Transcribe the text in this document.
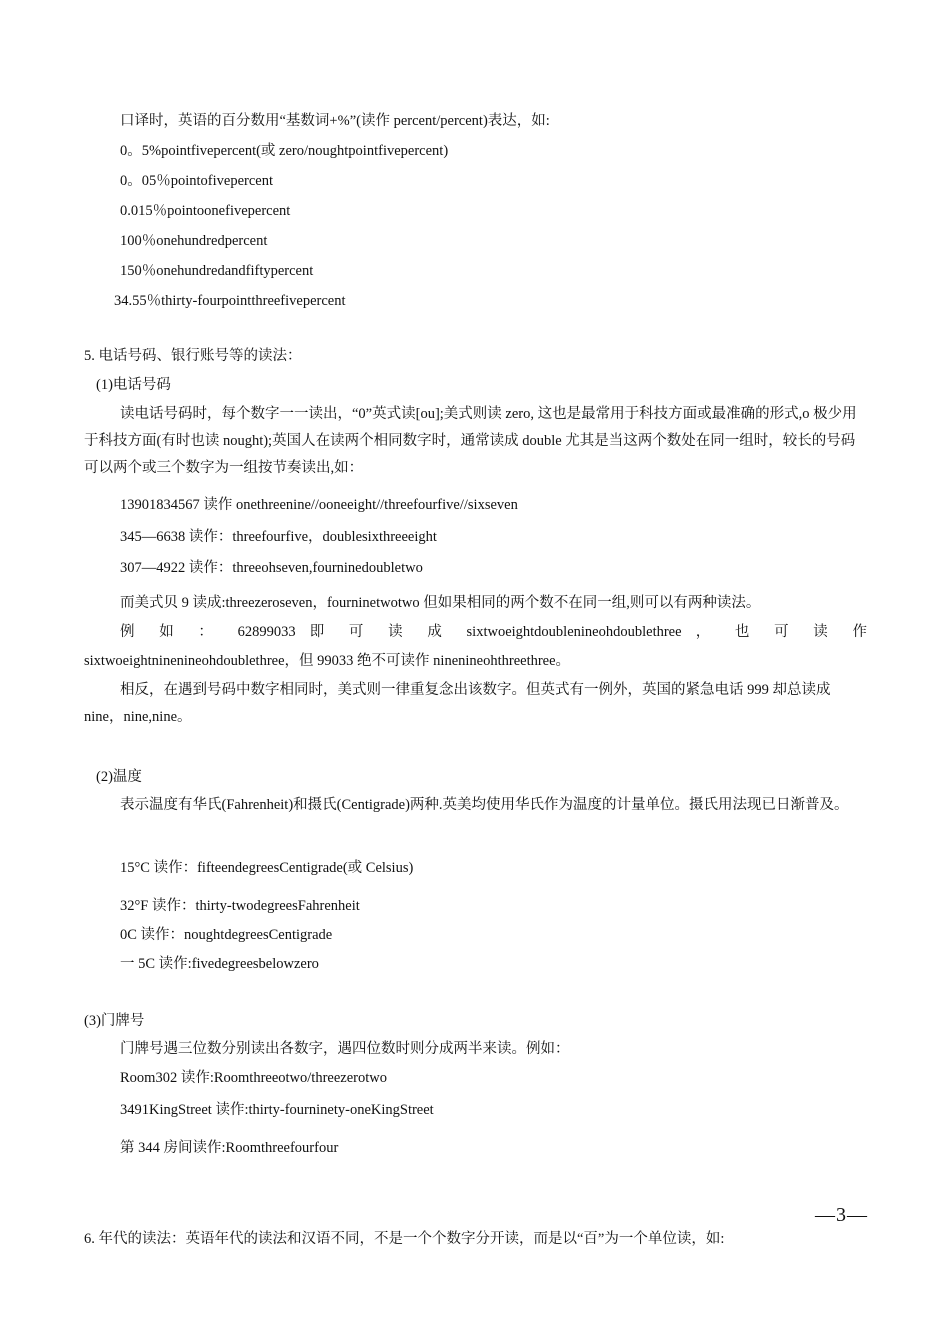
口译时，英语的百分数用“基数词+%”(读作 percent/percent)表达，如:
0。5%pointfivepercent(或 zero/noughtpointfivepercent)
0。05％pointofivepercent
0.015％pointoonefivepercent
100％onehundredpercent
150％onehundredandfiftypercent
34.55％thirty-fourpointthreefivepercent
5. 电话号码、银行账号等的读法：
(1)电话号码
读电话号码时，每个数字一一读出，“0”英式读[ou];美式则读 zero, 这也是最常用于科技方面或最准确的形式,o 极少用于科技方面(有时也读 nought);英国人在读两个相同数字时，通常读成 double 尤其是当这两个数处在同一组时，较长的号码可以两个或三个数字为一组按节奏读出,如：
13901834567 读作 onethreenine//ooneeight//threefourfive//sixseven
345—6638 读作：threefourfive，doublesixthreeeight
307—4922 读作：threeohseven,fourninedoubletwo
而美式贝 9 读成:threezeroseven，fourninetwotwo 但如果相同的两个数不在同一组,则可以有两种读法。
例 如 ： 62899033 即 可 读 成 sixtwoeightdoublenineohdoublethree ， 也 可 读 作
sixtwoeightninenineohdoublethree，但 99033 绝不可读作 ninenineohthreethree。
相反，在遇到号码中数字相同时，美式则一律重复念出该数字。但英式有一例外，英国的紧急电话 999 却总读成 nine，nine,nine。
(2)温度
表示温度有华氏(Fahrenheit)和摄氏(Centigrade)两种.英美均使用华氏作为温度的计量单位。摄氏用法现已日渐普及。
15°C 读作：fifteendegreesCentigrade(或 Celsius)
32°F 读作：thirty-twodegreesFahrenheit
0C 读作：noughtdegreesCentigrade
一 5C 读作:fivedegreesbelowzero
(3)门牌号
门牌号遇三位数分别读出各数字，遇四位数时则分成两半来读。例如：
Room302 读作:Roomthreeotwo/threezerotwo
3491KingStreet 读作:thirty-fourninety-oneKingStreet
第 344 房间读作:Roomthreefourfour
—3—
6. 年代的读法：英语年代的读法和汉语不同，不是一个个数字分开读，而是以“百”为一个单位读，如:
